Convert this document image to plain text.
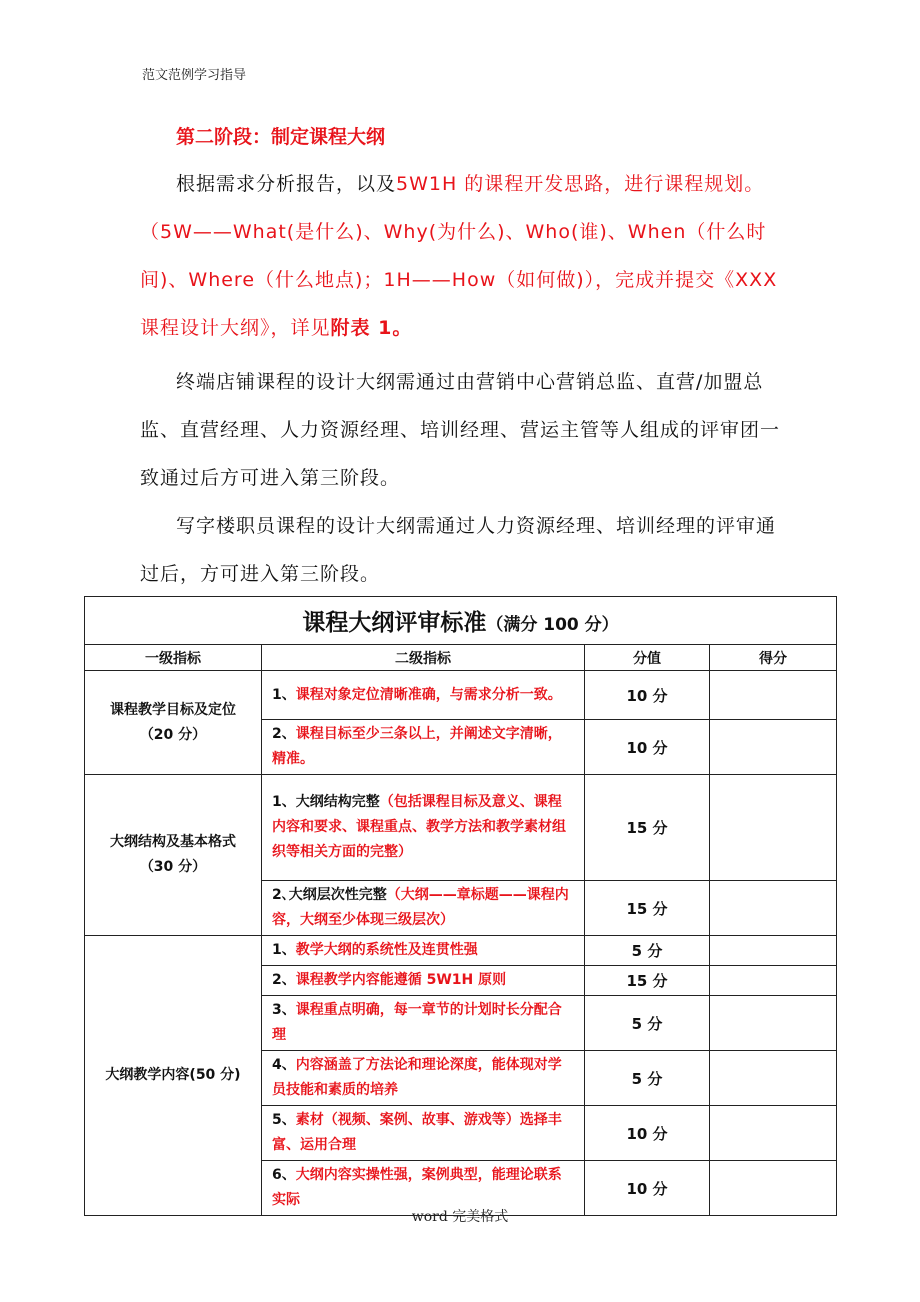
范文范例学习指导
第二阶段：制定课程大纲
根据需求分析报告，以及5W1H 的课程开发思路，进行课程规划。（5W——What(是什么)、Why(为什么)、Who(谁)、When（什么时间)、Where（什么地点)；1H——How（如何做)），完成并提交《XXX 课程设计大纲》，详见附表 1。
终端店铺课程的设计大纲需通过由营销中心营销总监、直营/加盟总监、直营经理、人力资源经理、培训经理、营运主管等人组成的评审团一致通过后方可进入第三阶段。
写字楼职员课程的设计大纲需通过人力资源经理、培训经理的评审通过后，方可进入第三阶段。
课程大纲评审标准（满分 100 分）			
一级指标	二级指标	分值	得分
课程教学目标及定位（20 分）	1、课程对象定位清晰准确，与需求分析一致。	10 分	
	2、课程目标至少三条以上，并阐述文字清晰，精准。	10 分	
大纲结构及基本格式（30 分）	1、大纲结构完整（包括课程目标及意义、课程内容和要求、课程重点、教学方法和教学素材组织等相关方面的完整）	15 分	
	2､大纲层次性完整（大纲——章标题——课程内容，大纲至少体现三级层次）	15 分	
大纲教学内容(50 分)	1、教学大纲的系统性及连贯性强	5 分	
	2、课程教学内容能遵循 5W1H 原则	15 分	
	3、课程重点明确，每一章节的计划时长分配合理	5 分	
	4、内容涵盖了方法论和理论深度，能体现对学员技能和素质的培养	5 分	
	5、素材（视频、案例、故事、游戏等）选择丰富、运用合理	10 分	
	6、大纲内容实操性强，案例典型，能理论联系实际	10 分	
word 完美格式
